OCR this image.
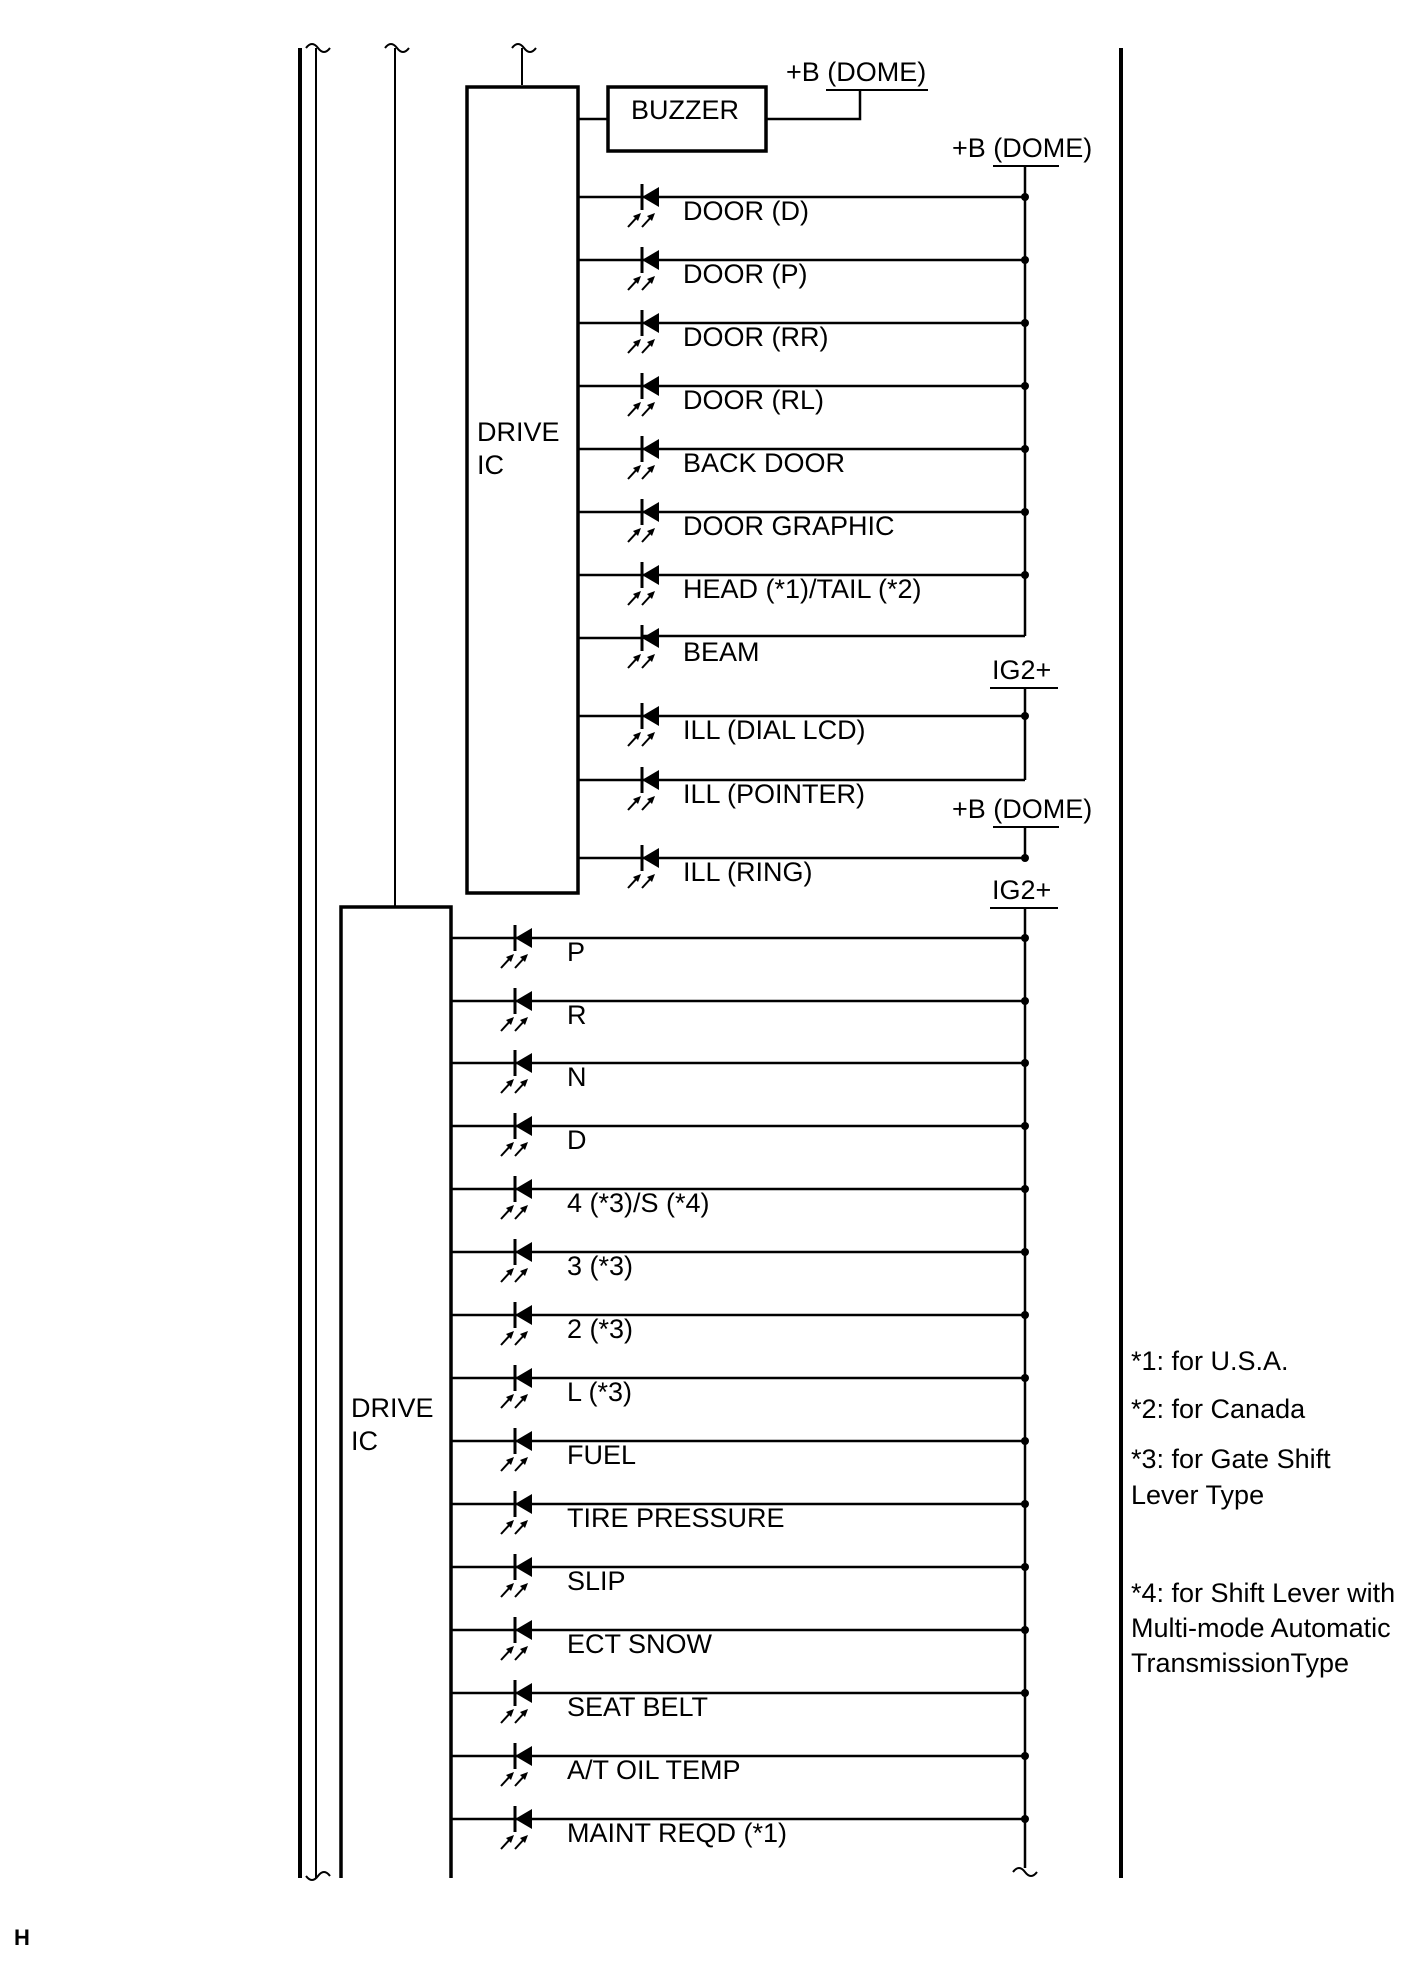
DRIVE
IC
DRIVE
IC
BUZZER
+B (DOME)
+B (DOME)
IG2+
+B (DOME)
IG2+
DOOR (D)
DOOR (P)
DOOR (RR)
DOOR (RL)
BACK DOOR
DOOR GRAPHIC
HEAD (*1)/TAIL (*2)
BEAM
ILL (DIAL LCD)
ILL (POINTER)
ILL (RING)
P
R
N
D
4 (*3)/S (*4)
3 (*3)
2 (*3)
L (*3)
FUEL
TIRE PRESSURE
SLIP
ECT SNOW
SEAT BELT
A/T OIL TEMP
MAINT REQD (*1)
*1: for U.S.A.
*2: for Canada
*3: for Gate Shift
Lever Type
*4: for Shift Lever with
Multi-mode Automatic
TransmissionType
H
